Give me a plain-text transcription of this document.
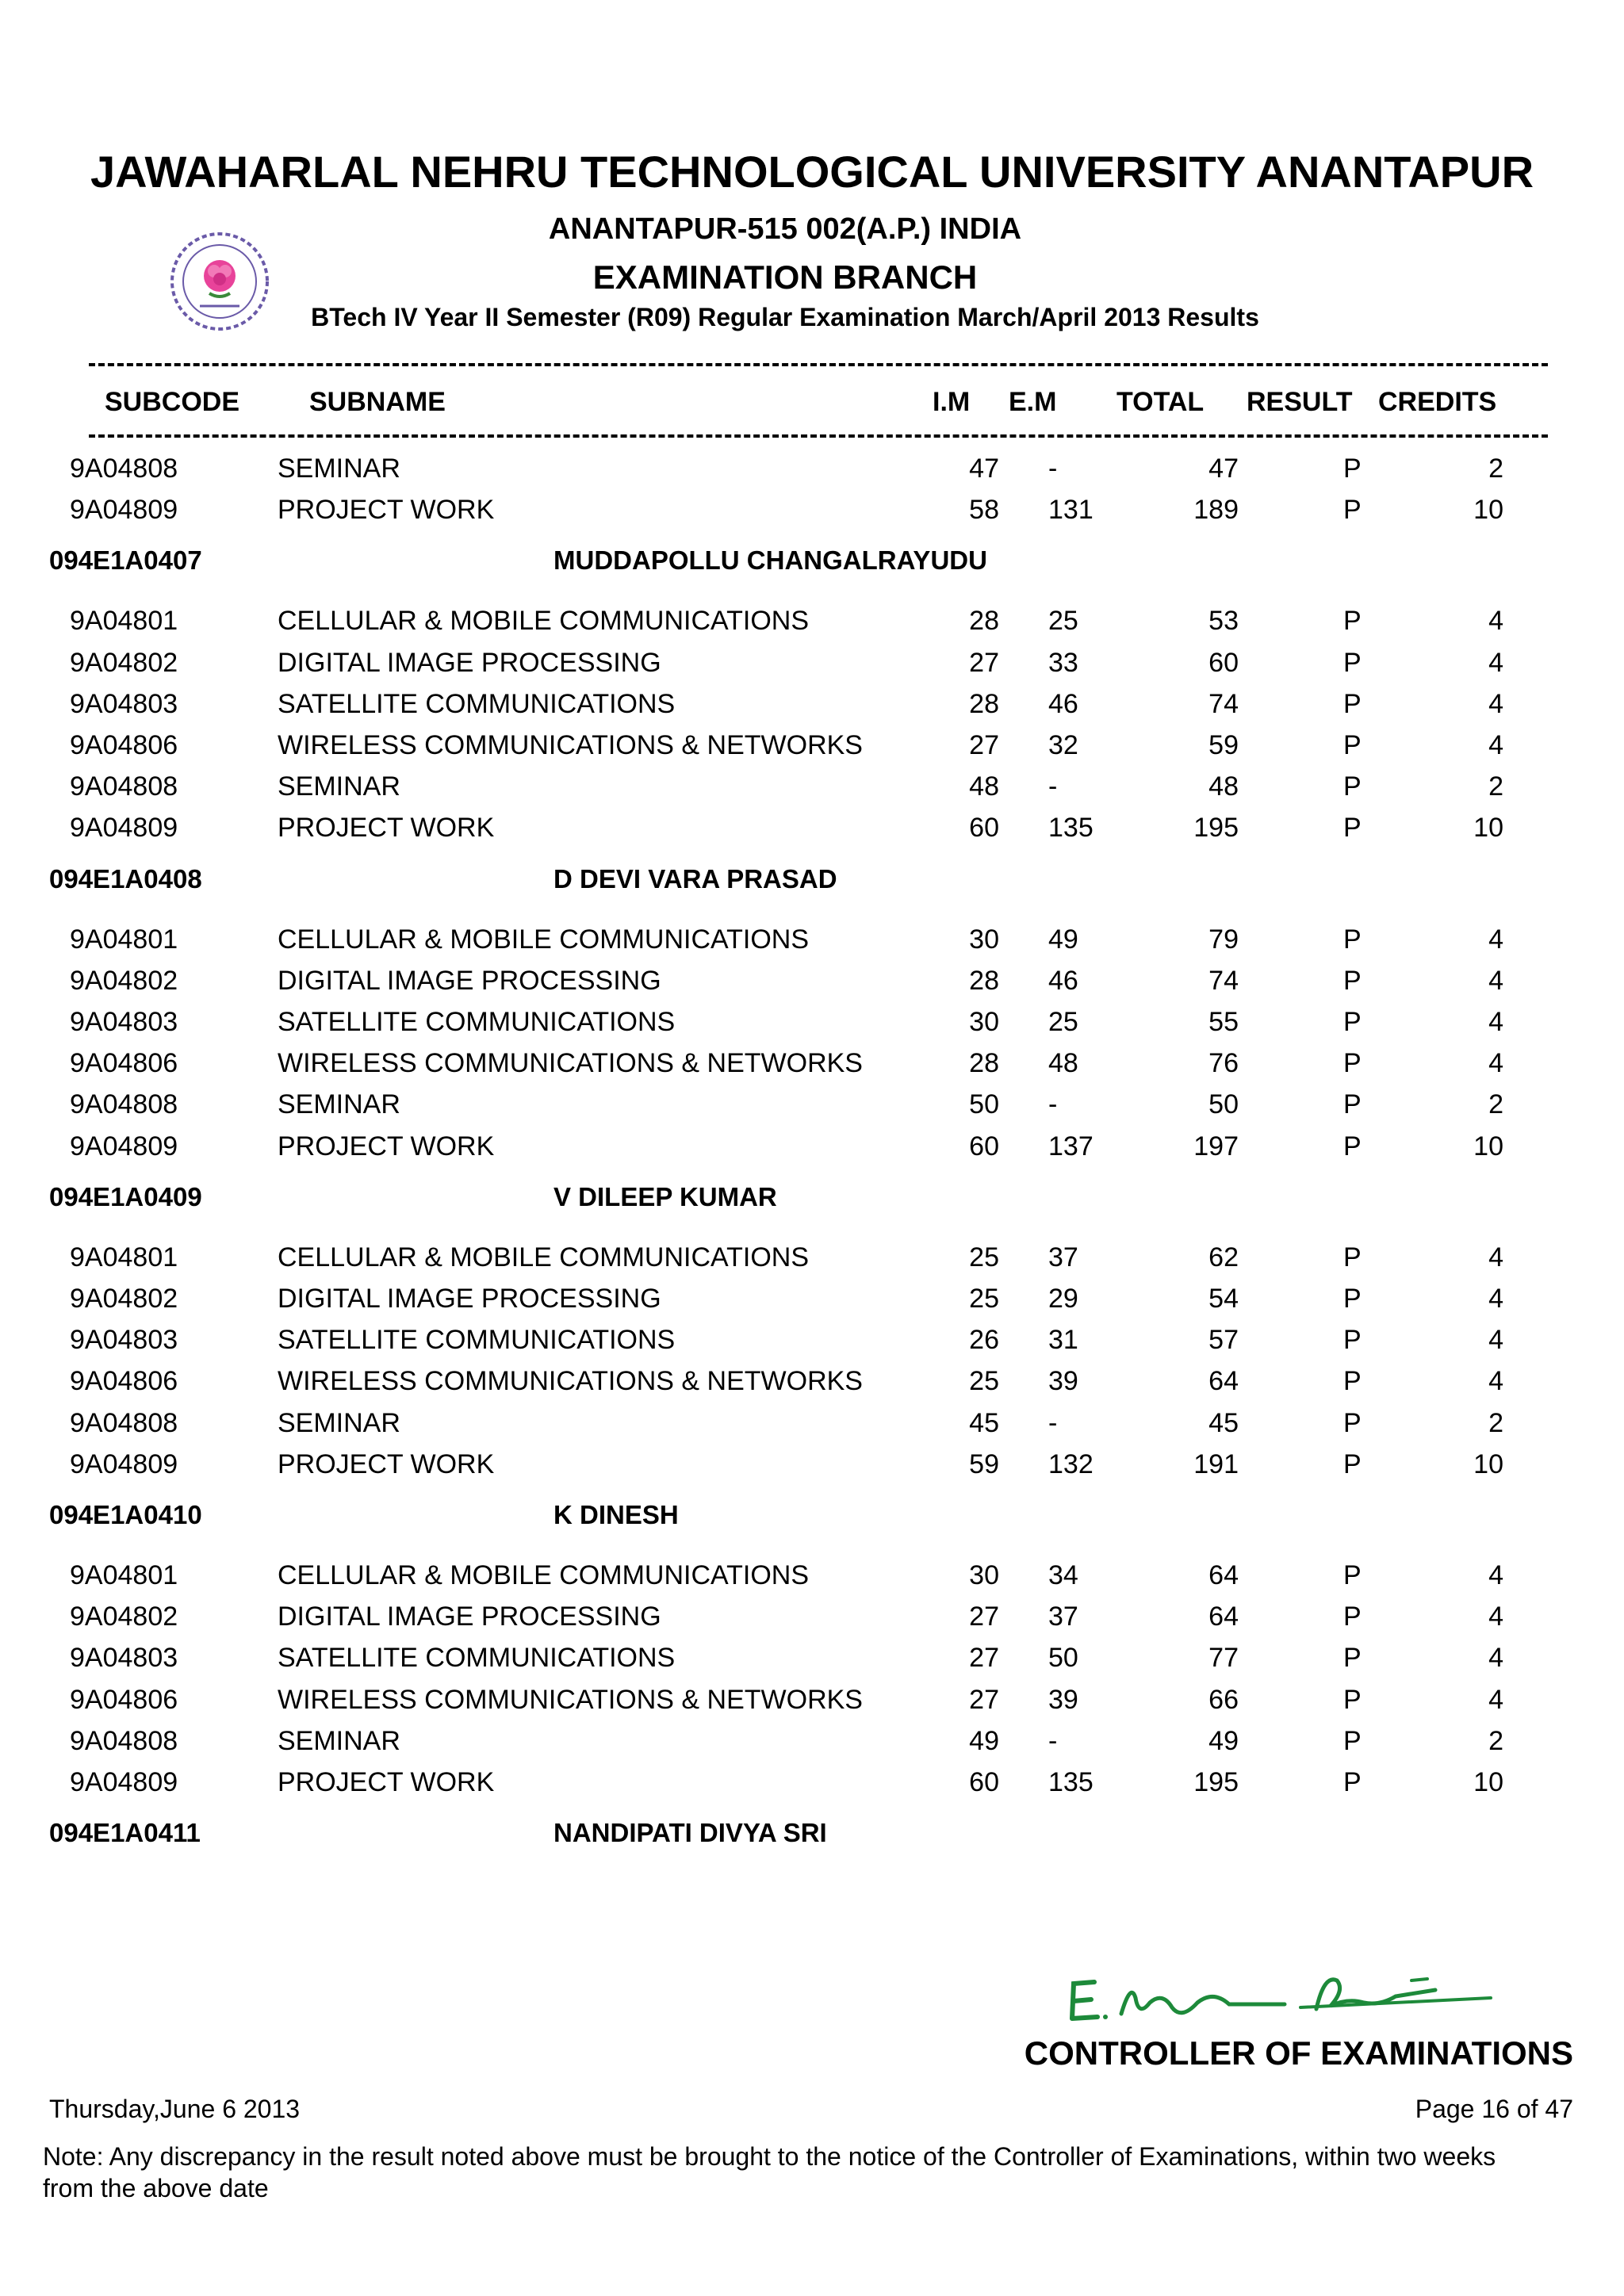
JAWAHARLAL NEHRU TECHNOLOGICAL UNIVERSITY ANANTAPUR
ANANTAPUR-515 002(A.P.) INDIA
EXAMINATION BRANCH
BTech IV Year II Semester (R09) Regular Examination March/April 2013 Results
SUBCODE	SUBNAME	I.M E.M TOTAL RESULT CREDITS
9A04808	SEMINAR	47 -	47	P	2
9A04809	PROJECT WORK	58 131	189	P	10
094E1A0407	MUDDAPOLLU CHANGALRAYUDU
9A04801	CELLULAR & MOBILE COMMUNICATIONS	28 25	53	P	4
9A04802	DIGITAL IMAGE PROCESSING	27 33	60	P	4
9A04803	SATELLITE COMMUNICATIONS	28 46	74	P	4
9A04806	WIRELESS COMMUNICATIONS & NETWORKS	27 32	59	P	4
9A04808	SEMINAR	48 -	48	P	2
9A04809	PROJECT WORK	60 135	195	P	10
094E1A0408	D DEVI VARA PRASAD
9A04801	CELLULAR & MOBILE COMMUNICATIONS	30 49	79	P	4
9A04802	DIGITAL IMAGE PROCESSING	28 46	74	P	4
9A04803	SATELLITE COMMUNICATIONS	30 25	55	P	4
9A04806	WIRELESS COMMUNICATIONS & NETWORKS	28 48	76	P	4
9A04808	SEMINAR	50 -	50	P	2
9A04809	PROJECT WORK	60 137	197	P	10
094E1A0409	V DILEEP KUMAR
9A04801	CELLULAR & MOBILE COMMUNICATIONS	25 37	62	P	4
9A04802	DIGITAL IMAGE PROCESSING	25 29	54	P	4
9A04803	SATELLITE COMMUNICATIONS	26 31	57	P	4
9A04806	WIRELESS COMMUNICATIONS & NETWORKS	25 39	64	P	4
9A04808	SEMINAR	45 -	45	P	2
9A04809	PROJECT WORK	59 132	191	P	10
094E1A0410	K DINESH
9A04801	CELLULAR & MOBILE COMMUNICATIONS	30 34	64	P	4
9A04802	DIGITAL IMAGE PROCESSING	27 37	64	P	4
9A04803	SATELLITE COMMUNICATIONS	27 50	77	P	4
9A04806	WIRELESS COMMUNICATIONS & NETWORKS	27 39	66	P	4
9A04808	SEMINAR	49 -	49	P	2
9A04809	PROJECT WORK	60 135	195	P	10
094E1A0411	NANDIPATI DIVYA SRI
CONTROLLER OF EXAMINATIONS
Thursday,June 6 2013	Page 16 of 47
Note: Any discrepancy in the result noted above must be brought to the notice of the Controller of Examinations, within two weeks from the above date
